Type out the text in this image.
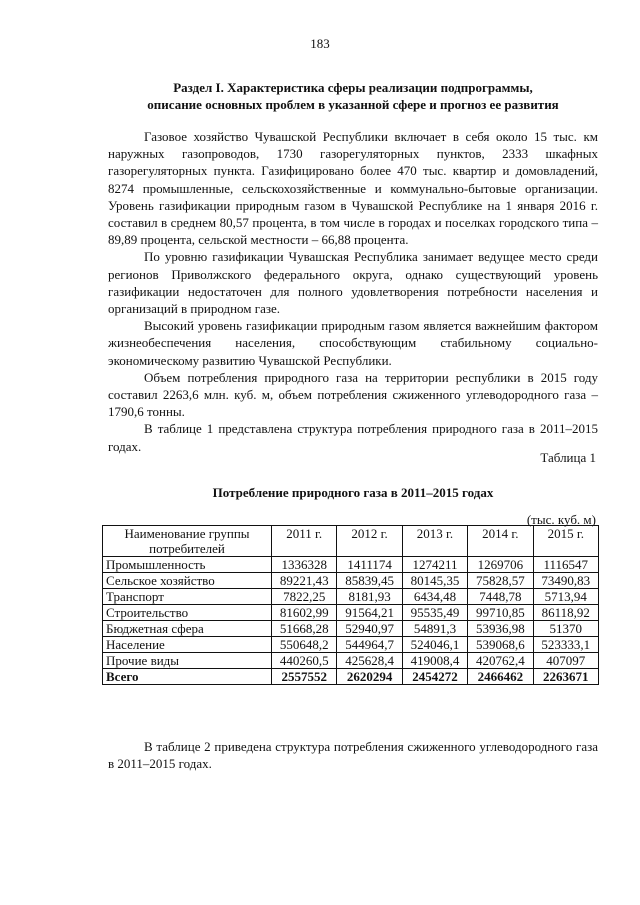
183
Раздел I. Характеристика сферы реализации подпрограммы,
описание основных проблем в указанной сфере и прогноз ее развития

Газовое хозяйство Чувашской Республики включает в себя около 15 тыс. км наружных газопроводов, 1730 газорегуляторных пунктов, 2333 шкафных газорегуляторных пункта. Газифицировано более 470 тыс. квартир и домовладений, 8274 промышленные, сельскохозяйственные и коммунально-бытовые организации. Уровень газификации природным газом в Чувашской Республике на 1 января 2016 г. составил в среднем 80,57 процента, в том числе в городах и поселках городского типа – 89,89 процента, сельской местности – 66,88 процента.

По уровню газификации Чувашская Республика занимает ведущее место среди регионов Приволжского федерального округа, однако существующий уровень газификации недостаточен для полного удовлетворения потребности населения и организаций в природном газе.

Высокий уровень газификации природным газом является важнейшим фактором жизнеобеспечения населения, способствующим стабильному социально-экономическому развитию Чувашской Республики.

Объем потребления природного газа на территории республики в 2015 году составил 2263,6 млн. куб. м, объем потребления сжиженного углеводородного газа – 1790,6 тонны.

В таблице 1 представлена структура потребления природного газа в 2011–2015 годах.

Таблица 1
Потребление природного газа в 2011–2015 годах
(тыс. куб. м)
Наименование группы потребителей	2011 г.	2012 г.	2013 г.	2014 г.	2015 г.
Промышленность	1336328	1411174	1274211	1269706	1116547
Сельское хозяйство	89221,43	85839,45	80145,35	75828,57	73490,83
Транспорт	7822,25	8181,93	6434,48	7448,78	5713,94
Строительство	81602,99	91564,21	95535,49	99710,85	86118,92
Бюджетная сфера	51668,28	52940,97	54891,3	53936,98	51370
Население	550648,2	544964,7	524046,1	539068,6	523333,1
Прочие виды	440260,5	425628,4	419008,4	420762,4	407097
Всего	2557552	2620294	2454272	2466462	2263671

В таблице 2 приведена структура потребления сжиженного углеводородного газа в 2011–2015 годах.
